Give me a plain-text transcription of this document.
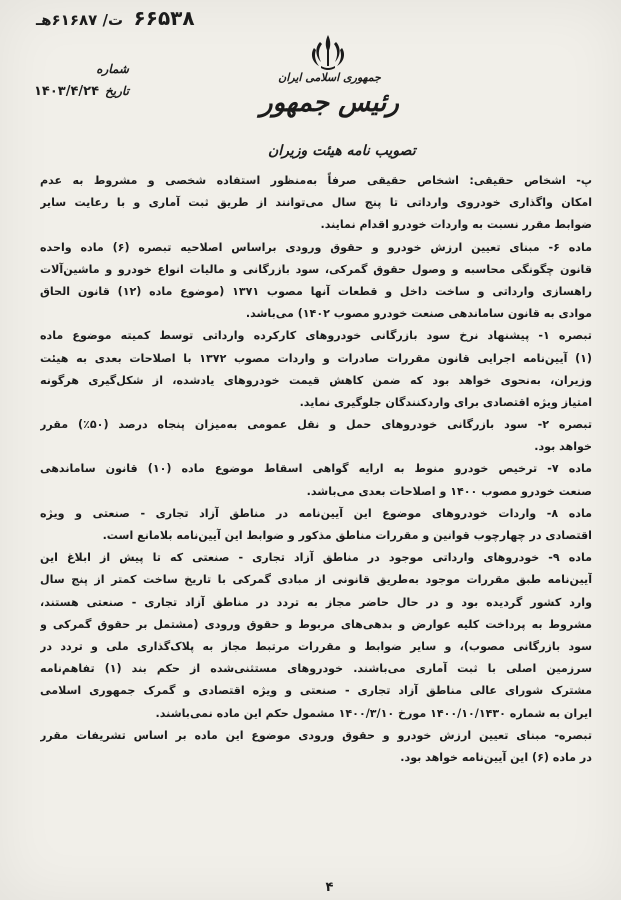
۶۶۵۳۸  ت/ ۶۱۶۸۷هـ
شماره
تاریخ
۱۴۰۳/۴/۲۴
جمهوری اسلامی ایران
رئیس جمهور
تصویب نامه هیئت وزیران
پ- اشخاص حقیقی: اشخاص حقیقی صرفاً به‌منظور استفاده شخصی و مشروط به عدم
امکان واگذاری خودروی وارداتی تا پنج سال می‌توانند از طریق ثبت آماری و با رعایت سایر
ضوابط مقرر نسبت به واردات خودرو اقدام نمایند.
ماده ۶- مبنای تعیین ارزش خودرو و حقوق ورودی براساس اصلاحیه تبصره (۶) ماده واحده
قانون چگونگی محاسبه و وصول حقوق گمرکی، سود بازرگانی و مالیات انواع خودرو و ماشین‌آلات
راهسازی وارداتی و ساخت داخل و قطعات آنها مصوب ۱۳۷۱ (موضوع ماده (۱۲) قانون الحاق
موادی به قانون ساماندهی صنعت خودرو مصوب ۱۴۰۲) می‌باشد.
تبصره ۱- پیشنهاد نرخ سود بازرگانی خودروهای کارکرده وارداتی توسط کمیته موضوع ماده
(۱) آیین‌نامه اجرایی قانون مقررات صادرات و واردات مصوب ۱۳۷۲ با اصلاحات بعدی به هیئت
وزیران، به‌نحوی خواهد بود که ضمن کاهش قیمت خودروهای یادشده، از شکل‌گیری هرگونه
امتیاز ویژه اقتصادی برای واردکنندگان جلوگیری نماید.
تبصره ۲- سود بازرگانی خودروهای حمل و نقل عمومی به‌میزان پنجاه درصد (۵۰٪) مقرر
خواهد بود.
ماده ۷- ترخیص خودرو منوط به ارایه گواهی اسقاط موضوع ماده (۱۰) قانون ساماندهی
صنعت خودرو مصوب ۱۴۰۰ و اصلاحات بعدی می‌باشد.
ماده ۸- واردات خودروهای موضوع این آیین‌نامه در مناطق آزاد تجاری - صنعتی و ویژه
اقتصادی در چهارچوب قوانین و مقررات مناطق مذکور و ضوابط این آیین‌نامه بلامانع است.
ماده ۹- خودروهای وارداتی موجود در مناطق آزاد تجاری - صنعتی که تا پیش از ابلاغ این
آیین‌نامه طبق مقررات موجود به‌طریق قانونی از مبادی گمرکی با تاریخ ساخت کمتر از پنج سال
وارد کشور گردیده بود و در حال حاضر مجاز به تردد در مناطق آزاد تجاری - صنعتی هستند،
مشروط به پرداخت کلیه عوارض و بدهی‌های مربوط و حقوق ورودی (مشتمل بر حقوق گمرکی و
سود بازرگانی مصوب)، و سایر ضوابط و مقررات مرتبط مجاز به پلاک‌گذاری ملی و تردد در
سرزمین اصلی با ثبت آماری می‌باشند. خودروهای مستثنی‌شده از حکم بند (۱) تفاهم‌نامه
مشترک شورای عالی مناطق آزاد تجاری - صنعتی و ویژه اقتصادی و گمرک جمهوری اسلامی
ایران به شماره ۱۴۰۰/۱۰/۱۴۳۰ مورخ ۱۴۰۰/۳/۱۰ مشمول حکم این ماده نمی‌باشند.
تبصره- مبنای تعیین ارزش خودرو و حقوق ورودی موضوع این ماده بر اساس تشریفات مقرر
در ماده (۶) این آیین‌نامه خواهد بود.
۴
